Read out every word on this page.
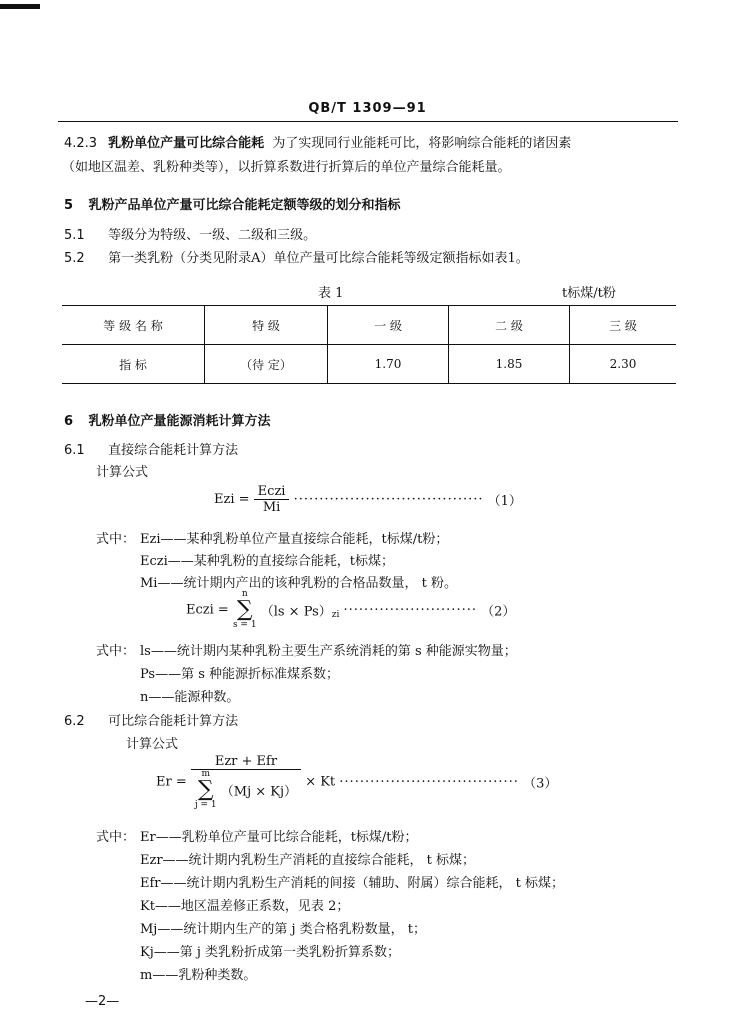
QB/T 1309—91
4.2.3 乳粉单位产量可比综合能耗 为了实现同行业能耗可比，将影响综合能耗的诸因素
（如地区温差、乳粉种类等），以折算系数进行折算后的单位产量综合能耗量。
5 乳粉产品单位产量可比综合能耗定额等级的划分和指标
5.1 等级分为特级、一级、二级和三级。
5.2 第一类乳粉（分类见附录A）单位产量可比综合能耗等级定额指标如表1。
表 1	t标煤/t粉
等 级 名 称	特 级	一 级	二 级	三 级
指 标	（待 定）	1.70	1.85	2.30
6 乳粉单位产量能源消耗计算方法
6.1 直接综合能耗计算方法
计算公式
Ezi = $\frac{\text{Eczi}}{Mi}$ ····································· （1）
式中： Ezi——某种乳粉单位产量直接综合能耗，t标煤/t粉；
Eczi——某种乳粉的直接综合能耗，t标煤；
Mi——统计期内产出的该种乳粉的合格品数量， t 粉。
Eczi =
n
∑
s = 1
$(ls \times Ps)_{zi}$ ·························· （2）
式中： ls——统计期内某种乳粉主要生产系统消耗的第 s 种能源实物量；
Ps——第 s 种能源折标准煤系数；
n——能源种数。
6.2 可比综合能耗计算方法
计算公式
Er = Ezr + Efr
m
∑
j = 1
（Mj × Kj） × Kt ··································· （3）
式中： Er——乳粉单位产量可比综合能耗，t标煤/t粉；
Ezr——统计期内乳粉生产消耗的直接综合能耗， t 标煤；
Efr——统计期内乳粉生产消耗的间接（辅助、附属）综合能耗， t 标煤；
Kt——地区温差修正系数，见表 2；
Mj——统计期内生产的第 j 类合格乳粉数量， t；
Kj——第 j 类乳粉折成第一类乳粉折算系数；
m——乳粉种类数。
—2—
